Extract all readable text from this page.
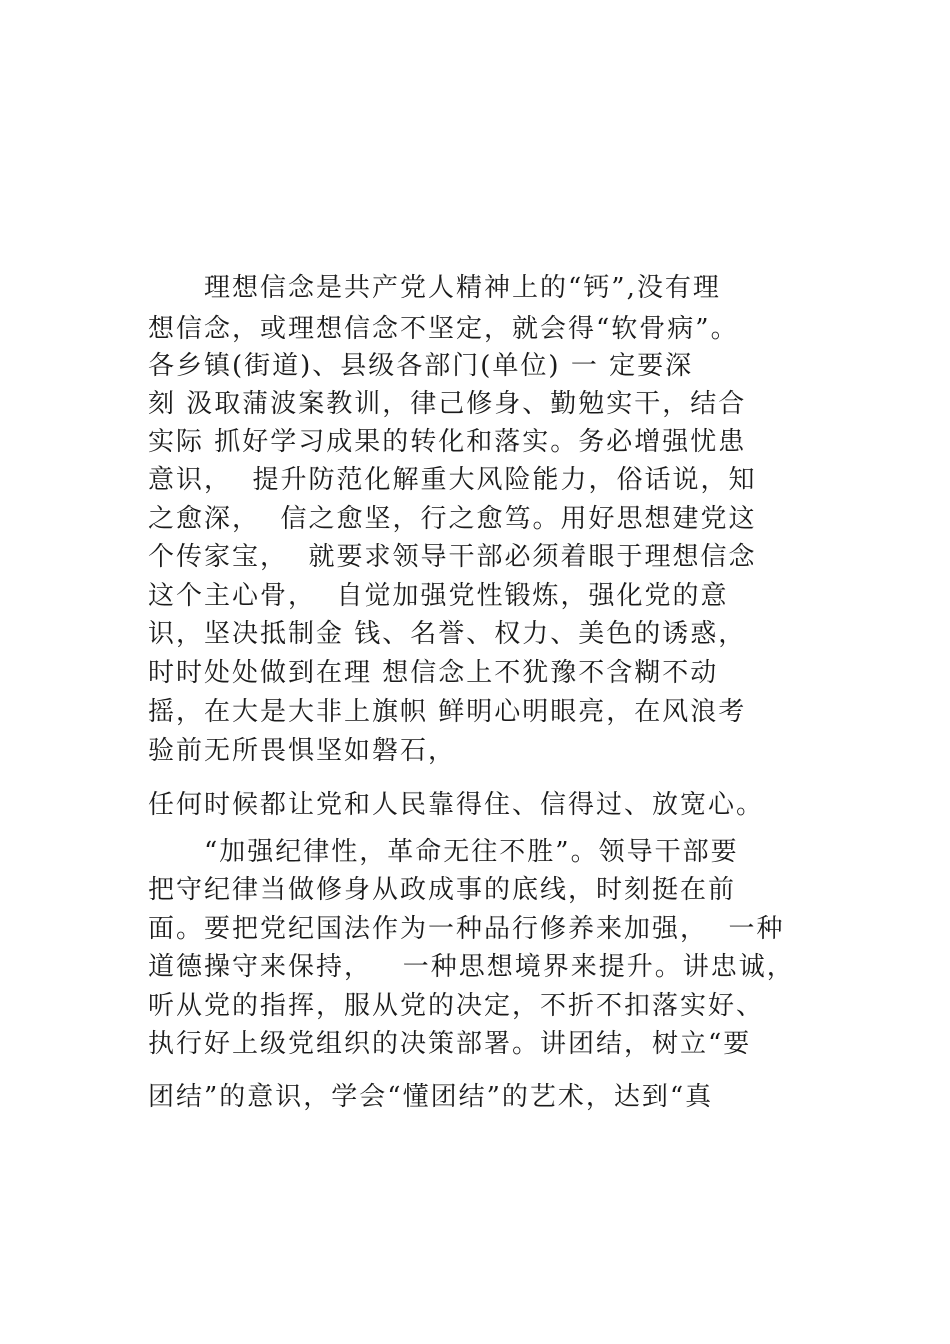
　　理想信念是共产党人精神上的“钙”,没有理
想信念，或理想信念不坚定，就会得“软骨病”。
各乡镇(街道)、县级各部门(单位) 一 定要深
刻 汲取蒲波案教训，律己修身、勤勉实干，结合
实际 抓好学习成果的转化和落实。务必增强忧患
意识，  提升防范化解重大风险能力，俗话说，知
之愈深，  信之愈坚，行之愈笃。用好思想建党这
个传家宝，  就要求领导干部必须着眼于理想信念
这个主心骨，  自觉加强党性锻炼，强化党的意
识，坚决抵制金 钱、名誉、权力、美色的诱惑，
时时处处做到在理 想信念上不犹豫不含糊不动
摇，在大是大非上旗帜 鲜明心明眼亮，在风浪考
验前无所畏惧坚如磐石，
任何时候都让党和人民靠得住、信得过、放宽心。
　　“加强纪律性，革命无往不胜”。领导干部要
把守纪律当做修身从政成事的底线，时刻挺在前
面。要把党纪国法作为一种品行修养来加强，  一种
道德操守来保持，   一种思想境界来提升。讲忠诚，
听从党的指挥，服从党的决定，不折不扣落实好、
执行好上级党组织的决策部署。讲团结，树立“要
团结”的意识，学会“懂团结”的艺术，达到“真
